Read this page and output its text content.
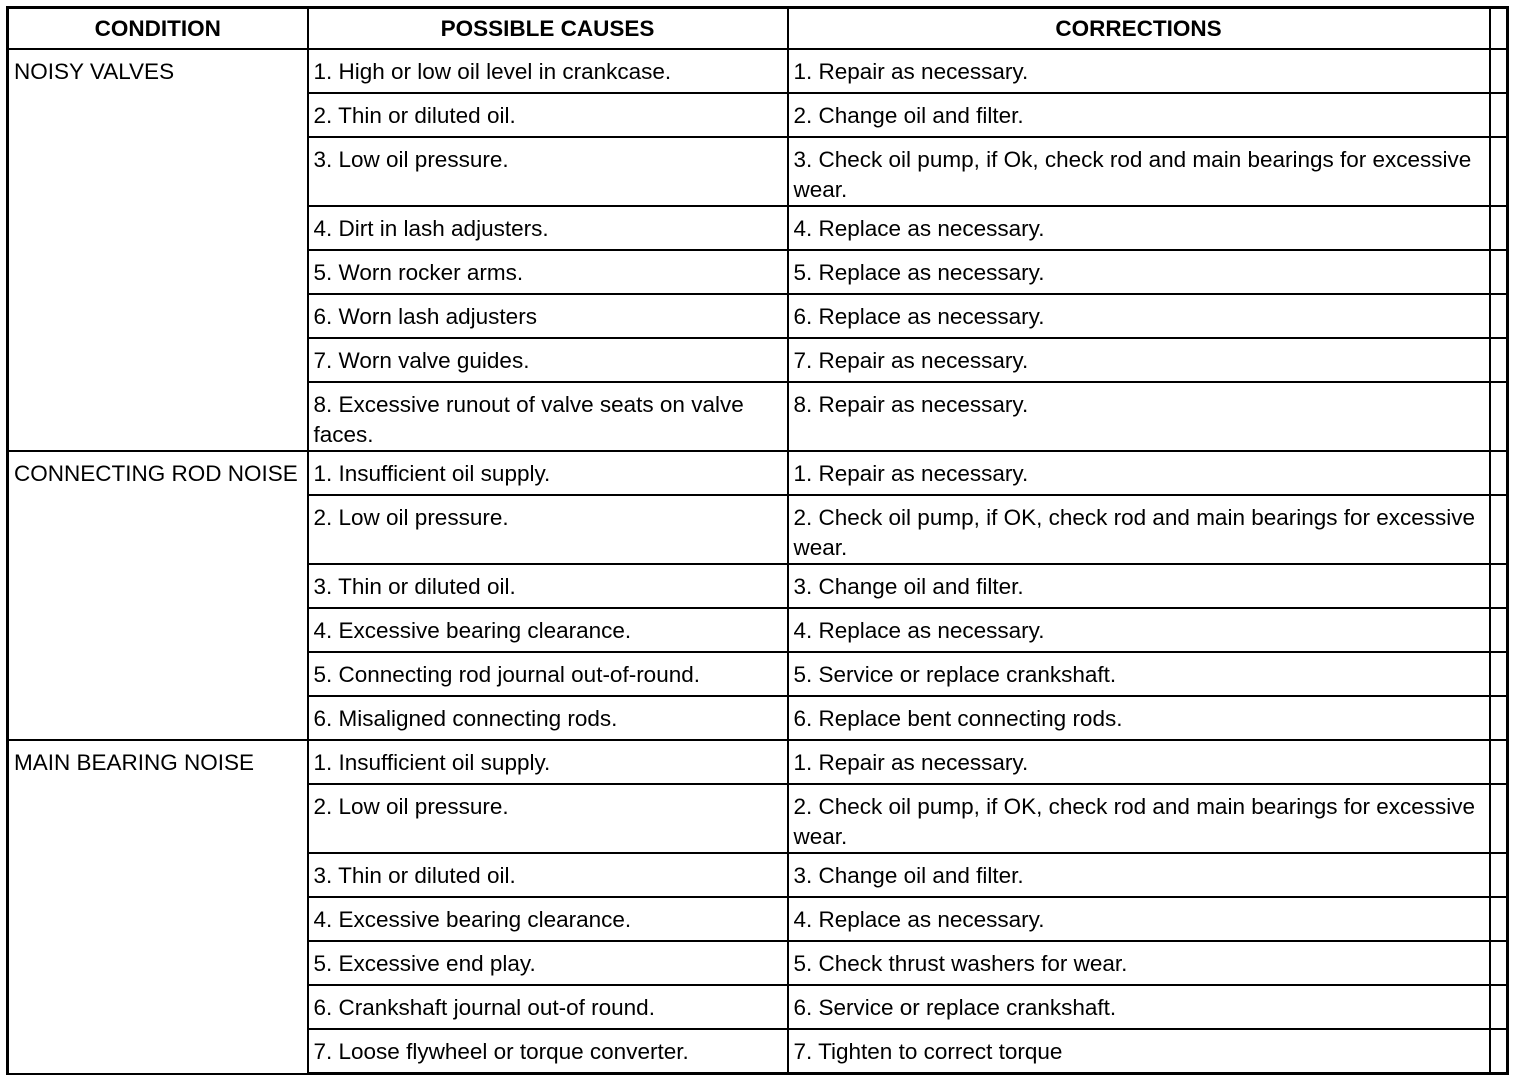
CONDITION	POSSIBLE CAUSES	CORRECTIONS	
NOISY VALVES	1. High or low oil level in crankcase.	1. Repair as necessary.	
	2. Thin or diluted oil.	2. Change oil and filter.	
	3. Low oil pressure.	3. Check oil pump, if Ok, check rod and main bearings for excessive wear.	
	4. Dirt in lash adjusters.	4. Replace as necessary.	
	5. Worn rocker arms.	5. Replace as necessary.	
	6. Worn lash adjusters	6. Replace as necessary.	
	7. Worn valve guides.	7. Repair as necessary.	
	8. Excessive runout of valve seats on valve faces.	8. Repair as necessary.	
CONNECTING ROD NOISE	1. Insufficient oil supply.	1. Repair as necessary.	
	2. Low oil pressure.	2. Check oil pump, if OK, check rod and main bearings for excessive wear.	
	3. Thin or diluted oil.	3. Change oil and filter.	
	4. Excessive bearing clearance.	4. Replace as necessary.	
	5. Connecting rod journal out-of-round.	5. Service or replace crankshaft.	
	6. Misaligned connecting rods.	6. Replace bent connecting rods.	
MAIN BEARING NOISE	1. Insufficient oil supply.	1. Repair as necessary.	
	2. Low oil pressure.	2. Check oil pump, if OK, check rod and main bearings for excessive wear.	
	3. Thin or diluted oil.	3. Change oil and filter.	
	4. Excessive bearing clearance.	4. Replace as necessary.	
	5. Excessive end play.	5. Check thrust washers for wear.	
	6. Crankshaft journal out-of round.	6. Service or replace crankshaft.	
	7. Loose flywheel or torque converter.	7. Tighten to correct torque	
